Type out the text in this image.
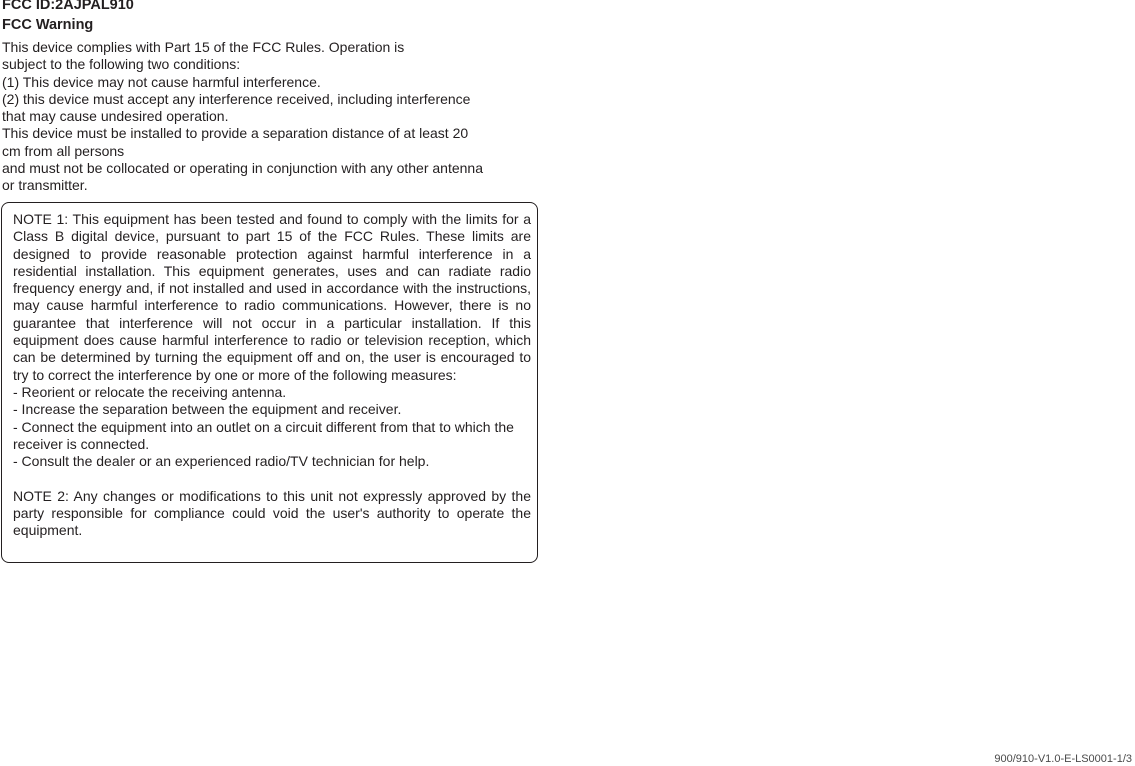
FCC ID:2AJPAL910
FCC Warning
This device complies with Part 15 of the FCC Rules. Operation is
subject to the following two conditions:
(1) This device may not cause harmful interference.
(2) this device must accept any interference received, including interference
that may cause undesired operation.
This device must be installed to provide a separation distance of at least 20
cm from all persons
and must not be collocated or operating in conjunction with any other antenna
or transmitter.

NOTE 1: This equipment has been tested and found to comply with the limits for a Class B digital device, pursuant to part 15 of the FCC Rules. These limits are designed to provide reasonable protection against harmful interference in a residential installation. This equipment generates, uses and can radiate radio frequency energy and, if not installed and used in accordance with the instructions, may cause harmful interference to radio communications. However, there is no guarantee that interference will not occur in a particular installation. If this equipment does cause harmful interference to radio or television reception, which can be determined by turning the equipment off and on, the user is encouraged to try to correct the interference by one or more of the following measures:

- Reorient or relocate the receiving antenna.
- Increase the separation between the equipment and receiver.
- Connect the equipment into an outlet on a circuit different from that to which the receiver is connected.
- Consult the dealer or an experienced radio/TV technician for help.

NOTE 2: Any changes or modifications to this unit not expressly approved by the party responsible for compliance could void the user's authority to operate the equipment.

900/910-V1.0-E-LS0001-1/3
